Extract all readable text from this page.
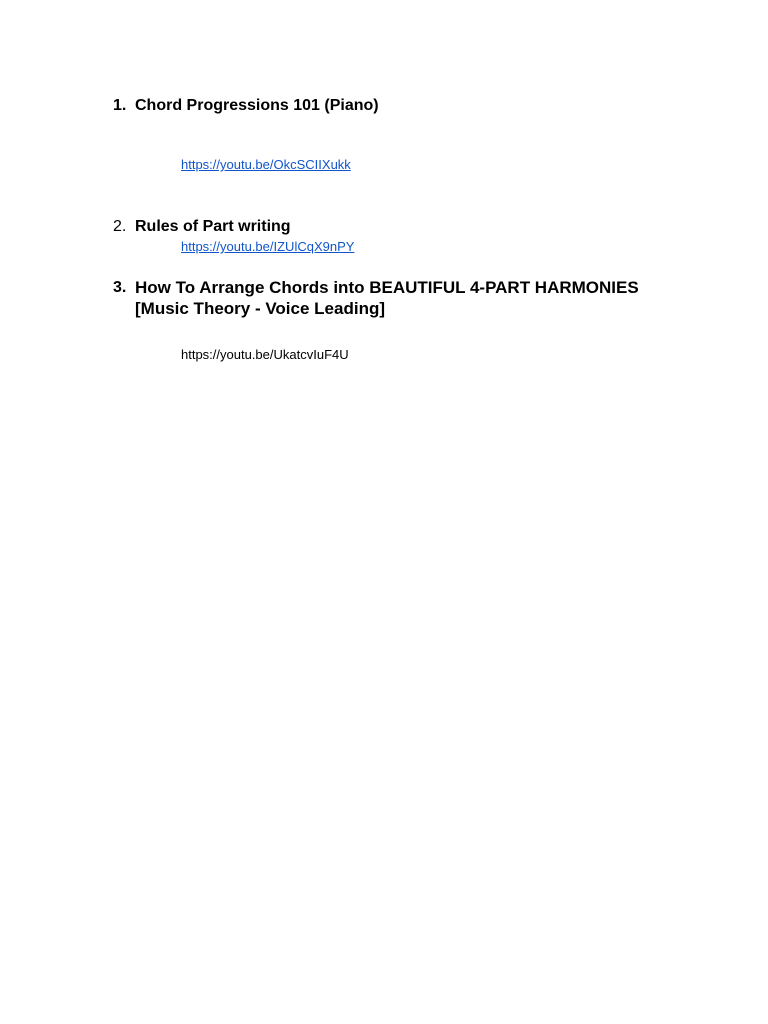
1. Chord Progressions 101 (Piano)
https://youtu.be/OkcSCIIXukk
2. Rules of Part writing
https://youtu.be/IZUlCqX9nPY
3. How To Arrange Chords into BEAUTIFUL 4-PART HARMONIES [Music Theory - Voice Leading]
https://youtu.be/UkatcvIuF4U
